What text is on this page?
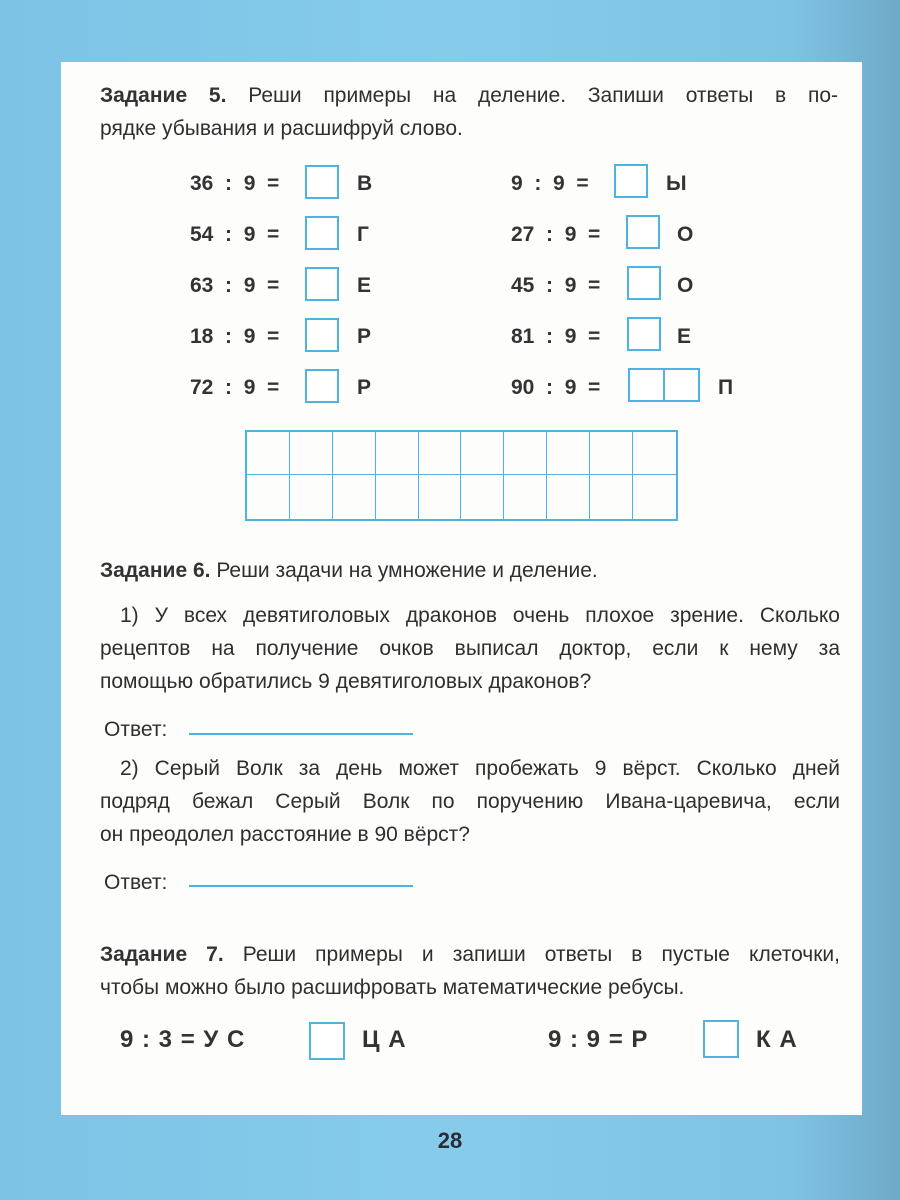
Задание 5. Реши примеры на деление. Запиши ответы в по-
рядке убывания и расшифруй слово.
36  :  9  =	В
54  :  9  =	Г
63  :  9  =	Е
18  :  9  =	Р
72  :  9  =	Р
9  :  9  =	Ы
27  :  9  =	О
45  :  9  =	О
81  :  9  =	Е
90  :  9  =	П
Задание 6. Реши задачи на умножение и деление.
1) У всех девятиголовых драконов очень плохое зрение. Сколько
рецептов на получение очков выписал доктор, если к нему за
помощью обратились 9 девятиголовых драконов?
Ответ:
2) Серый Волк за день может пробежать 9 вёрст. Сколько дней
подряд бежал Серый Волк по поручению Ивана-царевича, если
он преодолел расстояние в 90 вёрст?
Ответ:
Задание 7. Реши примеры и запиши ответы в пустые клеточки,
чтобы можно было расшифровать математические ребусы.
9 : 3 = У С	Ц А	9 : 9 = Р	К А
28
